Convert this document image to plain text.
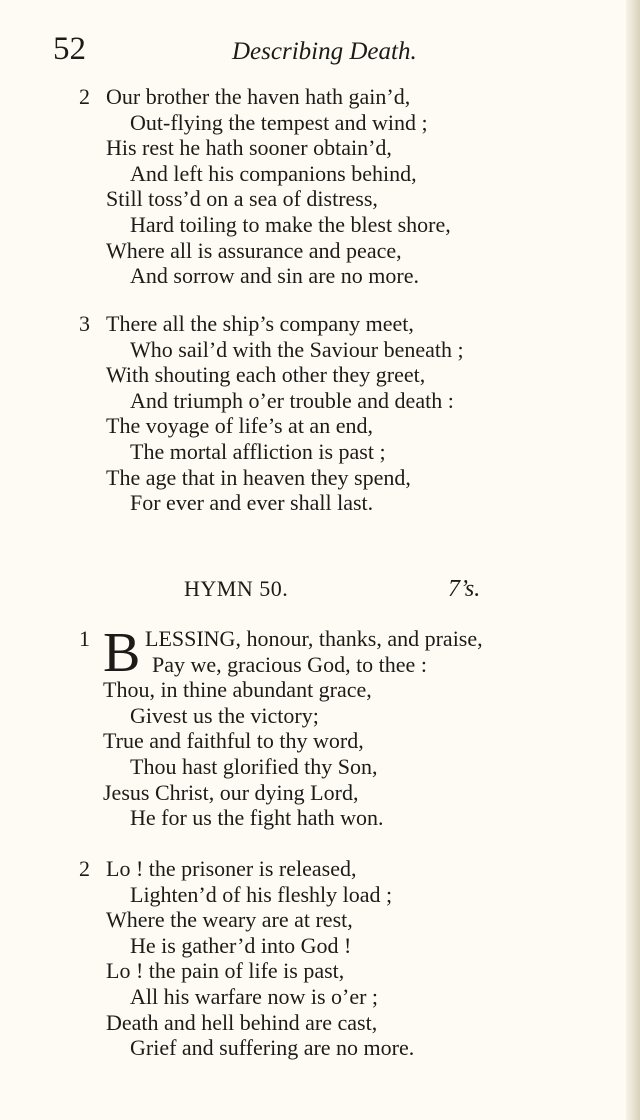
52	Describing Death.
2 Our brother the haven hath gain’d,
Out-flying the tempest and wind ;
His rest he hath sooner obtain’d,
And left his companions behind,
Still toss’d on a sea of distress,
Hard toiling to make the blest shore,
Where all is assurance and peace,
And sorrow and sin are no more.
3 There all the ship’s company meet,
Who sail’d with the Saviour beneath ;
With shouting each other they greet,
And triumph o’er trouble and death :
The voyage of life’s at an end,
The mortal affliction is past ;
The age that in heaven they spend,
For ever and ever shall last.
HYMN 50.	7’s.
1 B LESSING, honour, thanks, and praise,
Pay we, gracious God, to thee :
Thou, in thine abundant grace,
Givest us the victory;
True and faithful to thy word,
Thou hast glorified thy Son,
Jesus Christ, our dying Lord,
He for us the fight hath won.
2 Lo ! the prisoner is released,
Lighten’d of his fleshly load ;
Where the weary are at rest,
He is gather’d into God !
Lo ! the pain of life is past,
All his warfare now is o’er ;
Death and hell behind are cast,
Grief and suffering are no more.
